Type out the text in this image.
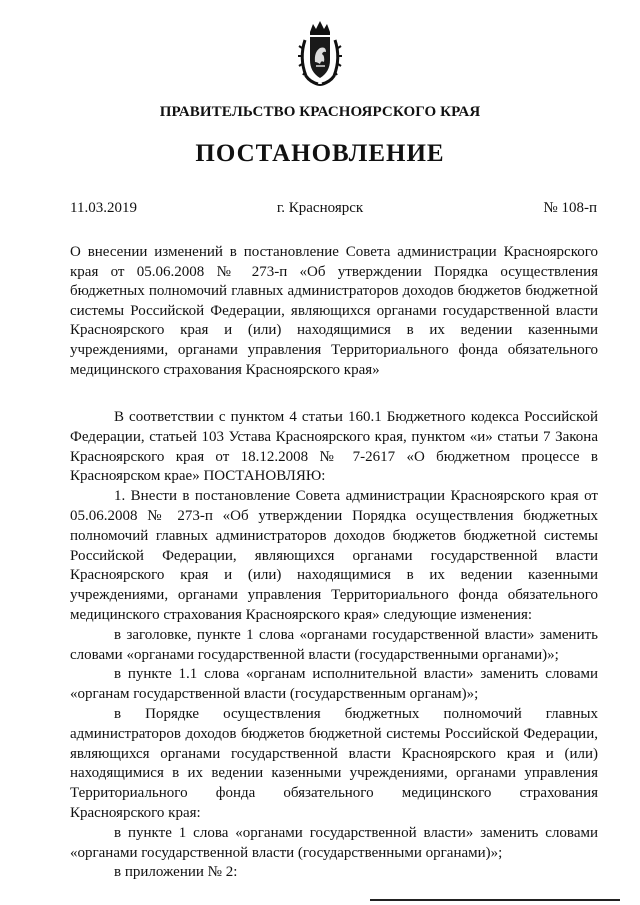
ПРАВИТЕЛЬСТВО КРАСНОЯРСКОГО КРАЯ
ПОСТАНОВЛЕНИЕ
11.03.2019	г. Красноярск	№ 108-п
О внесении изменений в постановление Совета администрации Красноярского края от 05.06.2008 № 273-п «Об утверждении Порядка осуществления бюджетных полномочий главных администраторов доходов бюджетов бюджетной системы Российской Федерации, являющихся органами государственной власти Красноярского края и (или) находящимися в их ведении казенными учреждениями, органами управления Территориального фонда обязательного медицинского страхования Красноярского края»

В соответствии с пунктом 4 статьи 160.1 Бюджетного кодекса Российской Федерации, статьей 103 Устава Красноярского края, пунктом «и» статьи 7 Закона Красноярского края от 18.12.2008 № 7-2617 «О бюджетном процессе в Красноярском крае» ПОСТАНОВЛЯЮ:

1. Внести в постановление Совета администрации Красноярского края от 05.06.2008 № 273-п «Об утверждении Порядка осуществления бюджетных полномочий главных администраторов доходов бюджетов бюджетной системы Российской Федерации, являющихся органами государственной власти Красноярского края и (или) находящимися в их ведении казенными учреждениями, органами управления Территориального фонда обязательного медицинского страхования Красноярского края» следующие изменения:

в заголовке, пункте 1 слова «органами государственной власти» заменить словами «органами государственной власти (государственными органами)»;

в пункте 1.1 слова «органам исполнительной власти» заменить словами «органам государственной власти (государственным органам)»;

в Порядке осуществления бюджетных полномочий главных администраторов доходов бюджетов бюджетной системы Российской Федерации, являющихся органами государственной власти Красноярского края и (или) находящимися в их ведении казенными учреждениями, органами управления Территориального фонда обязательного медицинского страхования Красноярского края:

в пункте 1 слова «органами государственной власти» заменить словами «органами государственной власти (государственными органами)»;

в приложении № 2:
